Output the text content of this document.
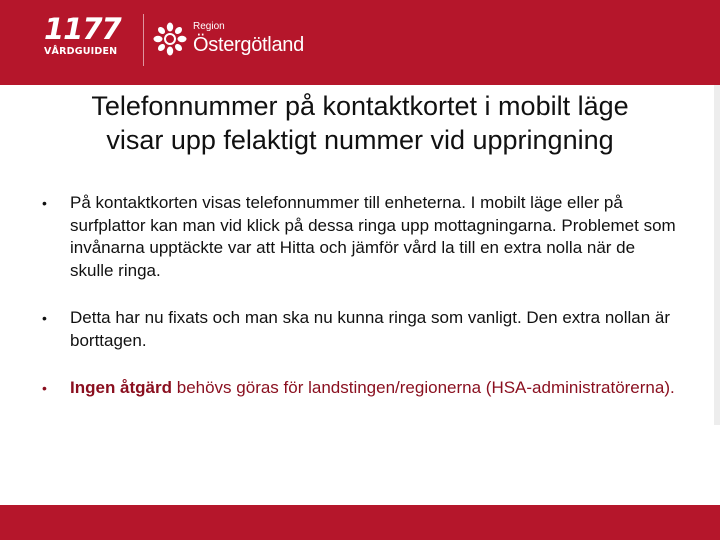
1177
VÅRDGUIDEN
Region
Östergötland
Telefonnummer på kontaktkortet i mobilt läge
visar upp felaktigt nummer vid uppringning
• På kontaktkorten visas telefonnummer till enheterna. I mobilt läge eller på surfplattor kan man vid klick på dessa ringa upp mottagningarna. Problemet som invånarna upptäckte var att Hitta och jämför vård la till en extra nolla när de skulle ringa.
• Detta har nu fixats och man ska nu kunna ringa som vanligt. Den extra nollan är borttagen.
• Ingen åtgärd behövs göras för landstingen/regionerna (HSA-administratörerna).
